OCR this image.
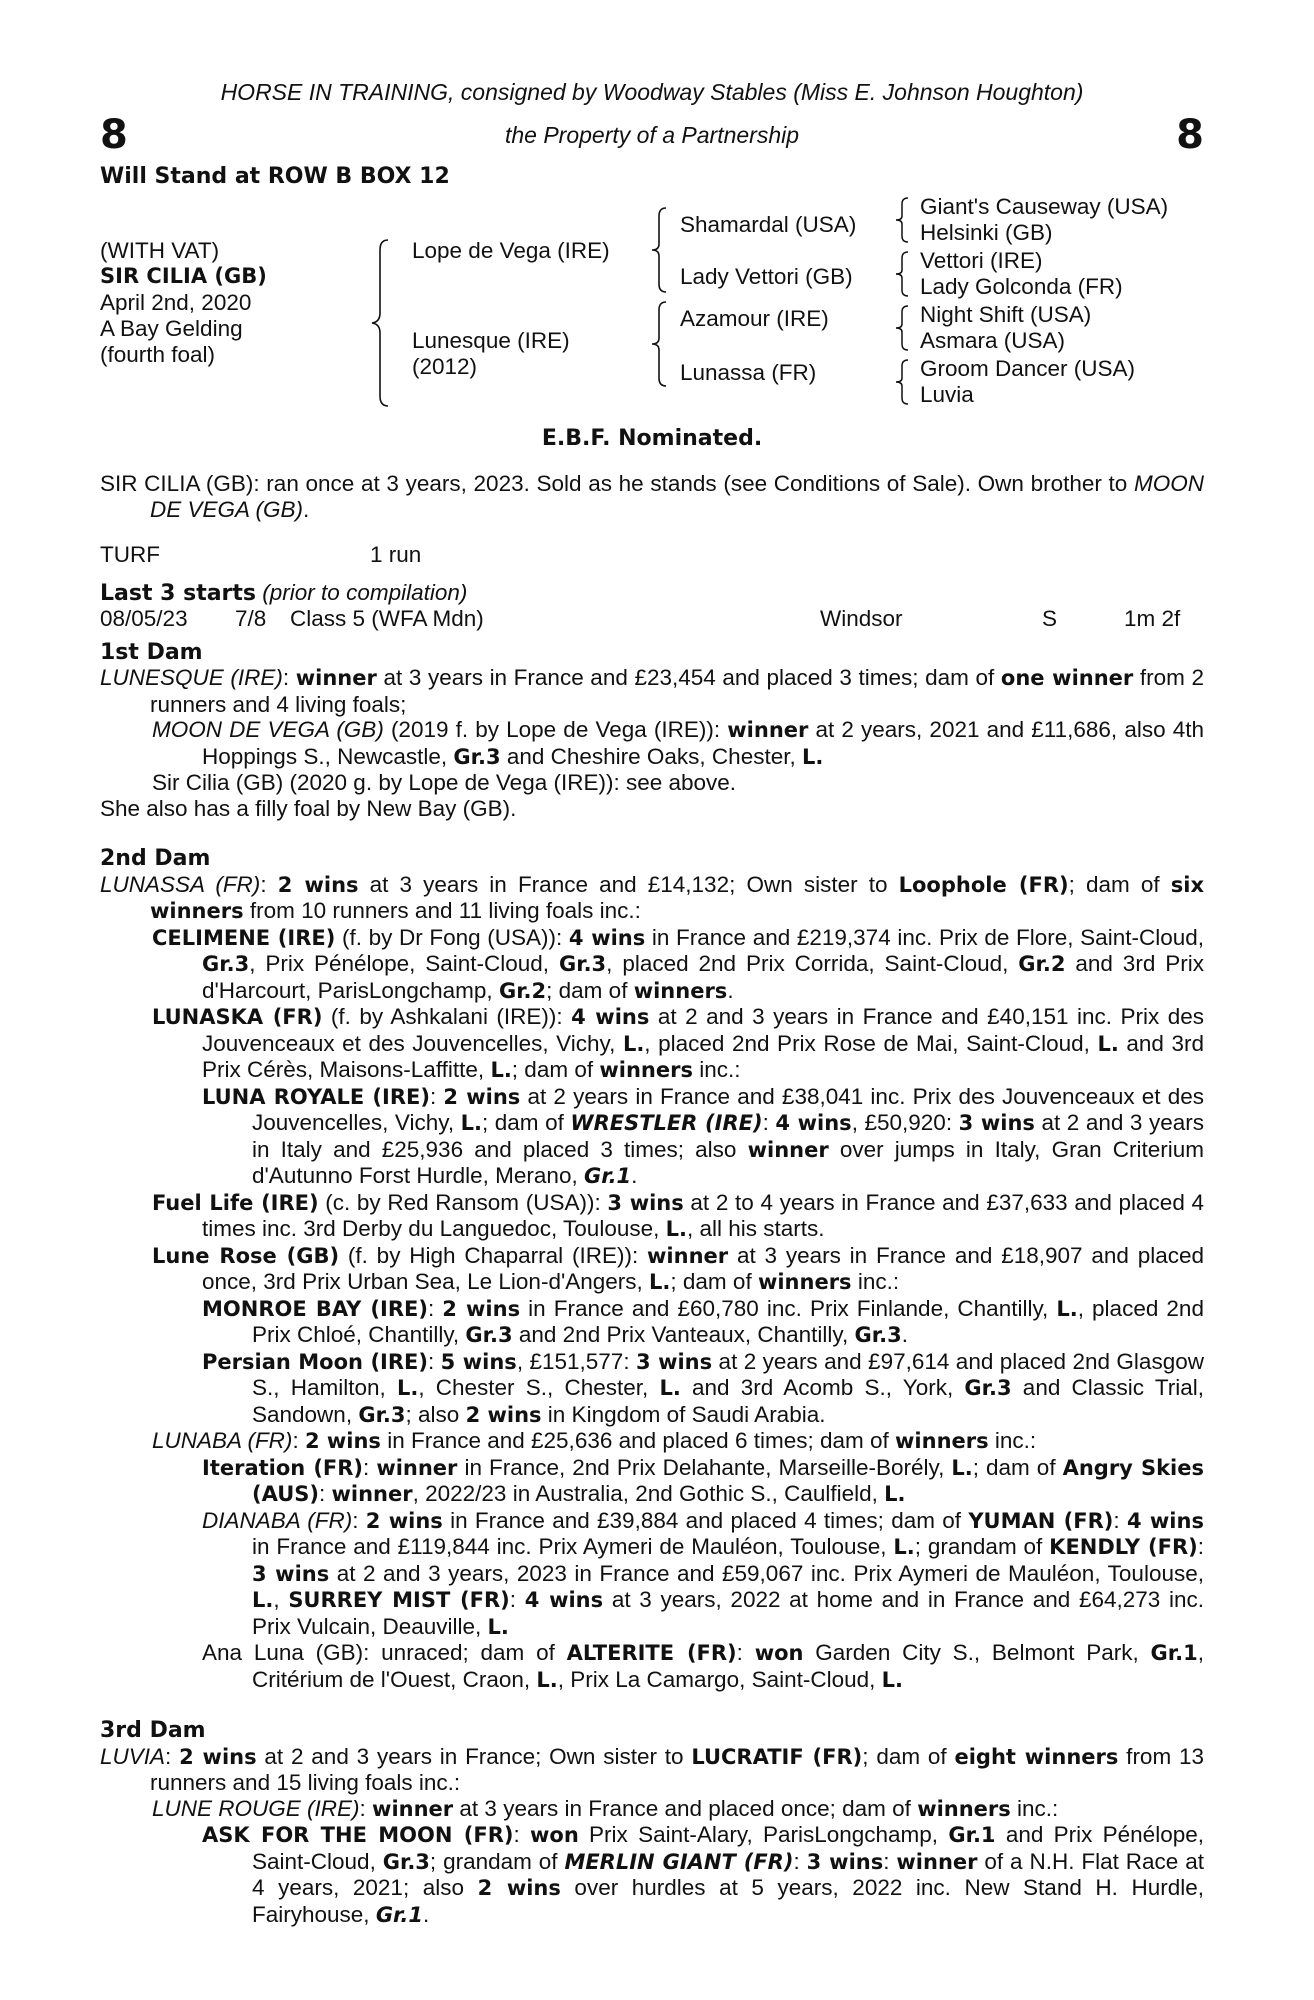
HORSE IN TRAINING, consigned by Woodway Stables (Miss E. Johnson Houghton)
8	the Property of a Partnership	8
Will Stand at ROW B BOX 12
(WITH VAT)
SIR CILIA (GB)
April 2nd, 2020
A Bay Gelding
(fourth foal)
Lope de Vega (IRE)
Lunesque (IRE)
(2012)
Shamardal (USA)
Lady Vettori (GB)
Azamour (IRE)
Lunassa (FR)
Giant's Causeway (USA)
Helsinki (GB)
Vettori (IRE)
Lady Golconda (FR)
Night Shift (USA)
Asmara (USA)
Groom Dancer (USA)
Luvia
E.B.F. Nominated.
SIR CILIA (GB): ran once at 3 years, 2023. Sold as he stands (see Conditions of Sale). Own brother to MOON DE VEGA (GB).
TURF	1 run
Last 3 starts (prior to compilation)
08/05/23	7/8	Class 5 (WFA Mdn)	Windsor	S	1m 2f
1st Dam
LUNESQUE (IRE): winner at 3 years in France and £23,454 and placed 3 times; dam of one winner from 2 runners and 4 living foals;
MOON DE VEGA (GB) (2019 f. by Lope de Vega (IRE)): winner at 2 years, 2021 and £11,686, also 4th Hoppings S., Newcastle, Gr.3 and Cheshire Oaks, Chester, L.
Sir Cilia (GB) (2020 g. by Lope de Vega (IRE)): see above.
She also has a filly foal by New Bay (GB).
2nd Dam
LUNASSA (FR): 2 wins at 3 years in France and £14,132; Own sister to Loophole (FR); dam of six winners from 10 runners and 11 living foals inc.:
CELIMENE (IRE) (f. by Dr Fong (USA)): 4 wins in France and £219,374 inc. Prix de Flore, Saint-Cloud, Gr.3, Prix Pénélope, Saint-Cloud, Gr.3, placed 2nd Prix Corrida, Saint-Cloud, Gr.2 and 3rd Prix d'Harcourt, ParisLongchamp, Gr.2; dam of winners.
LUNASKA (FR) (f. by Ashkalani (IRE)): 4 wins at 2 and 3 years in France and £40,151 inc. Prix des Jouvenceaux et des Jouvencelles, Vichy, L., placed 2nd Prix Rose de Mai, Saint-Cloud, L. and 3rd Prix Cérès, Maisons-Laffitte, L.; dam of winners inc.:
LUNA ROYALE (IRE): 2 wins at 2 years in France and £38,041 inc. Prix des Jouvenceaux et des Jouvencelles, Vichy, L.; dam of WRESTLER (IRE): 4 wins, £50,920: 3 wins at 2 and 3 years in Italy and £25,936 and placed 3 times; also winner over jumps in Italy, Gran Criterium d'Autunno Forst Hurdle, Merano, Gr.1.
Fuel Life (IRE) (c. by Red Ransom (USA)): 3 wins at 2 to 4 years in France and £37,633 and placed 4 times inc. 3rd Derby du Languedoc, Toulouse, L., all his starts.
Lune Rose (GB) (f. by High Chaparral (IRE)): winner at 3 years in France and £18,907 and placed once, 3rd Prix Urban Sea, Le Lion-d'Angers, L.; dam of winners inc.:
MONROE BAY (IRE): 2 wins in France and £60,780 inc. Prix Finlande, Chantilly, L., placed 2nd Prix Chloé, Chantilly, Gr.3 and 2nd Prix Vanteaux, Chantilly, Gr.3.
Persian Moon (IRE): 5 wins, £151,577: 3 wins at 2 years and £97,614 and placed 2nd Glasgow S., Hamilton, L., Chester S., Chester, L. and 3rd Acomb S., York, Gr.3 and Classic Trial, Sandown, Gr.3; also 2 wins in Kingdom of Saudi Arabia.
LUNABA (FR): 2 wins in France and £25,636 and placed 6 times; dam of winners inc.:
Iteration (FR): winner in France, 2nd Prix Delahante, Marseille-Borély, L.; dam of Angry Skies (AUS): winner, 2022/23 in Australia, 2nd Gothic S., Caulfield, L.
DIANABA (FR): 2 wins in France and £39,884 and placed 4 times; dam of YUMAN (FR): 4 wins in France and £119,844 inc. Prix Aymeri de Mauléon, Toulouse, L.; grandam of KENDLY (FR): 3 wins at 2 and 3 years, 2023 in France and £59,067 inc. Prix Aymeri de Mauléon, Toulouse, L., SURREY MIST (FR): 4 wins at 3 years, 2022 at home and in France and £64,273 inc. Prix Vulcain, Deauville, L.
Ana Luna (GB): unraced; dam of ALTERITE (FR): won Garden City S., Belmont Park, Gr.1, Critérium de l'Ouest, Craon, L., Prix La Camargo, Saint-Cloud, L.
3rd Dam
LUVIA: 2 wins at 2 and 3 years in France; Own sister to LUCRATIF (FR); dam of eight winners from 13 runners and 15 living foals inc.:
LUNE ROUGE (IRE): winner at 3 years in France and placed once; dam of winners inc.:
ASK FOR THE MOON (FR): won Prix Saint-Alary, ParisLongchamp, Gr.1 and Prix Pénélope, Saint-Cloud, Gr.3; grandam of MERLIN GIANT (FR): 3 wins: winner of a N.H. Flat Race at 4 years, 2021; also 2 wins over hurdles at 5 years, 2022 inc. New Stand H. Hurdle, Fairyhouse, Gr.1.
